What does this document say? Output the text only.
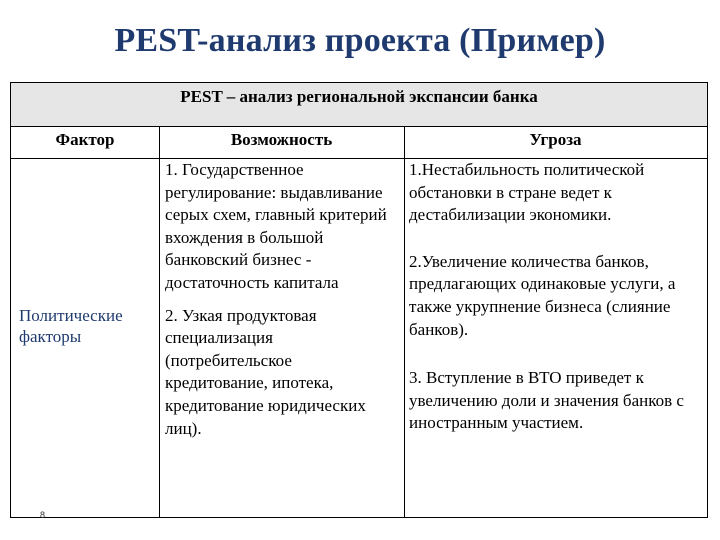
PEST-анализ проекта (Пример)
PEST – анализ региональной экспансии банка
Фактор	Возможность	Угроза
Политические
факторы

1. Государственное регулирование: выдавливание серых схем, главный критерий вхождения в большой банковский бизнес - достаточность капитала

2. Узкая продуктовая специализация (потребительское кредитование, ипотека, кредитование юридических лиц).

1.Нестабильность политической обстановки в стране ведет к дестабилизации экономики.

2.Увеличение количества банков, предлагающих одинаковые услуги, а также укрупнение бизнеса (слияние банков).

3. Вступление в ВТО приведет к увеличению доли и значения банков с иностранным участием.

8
